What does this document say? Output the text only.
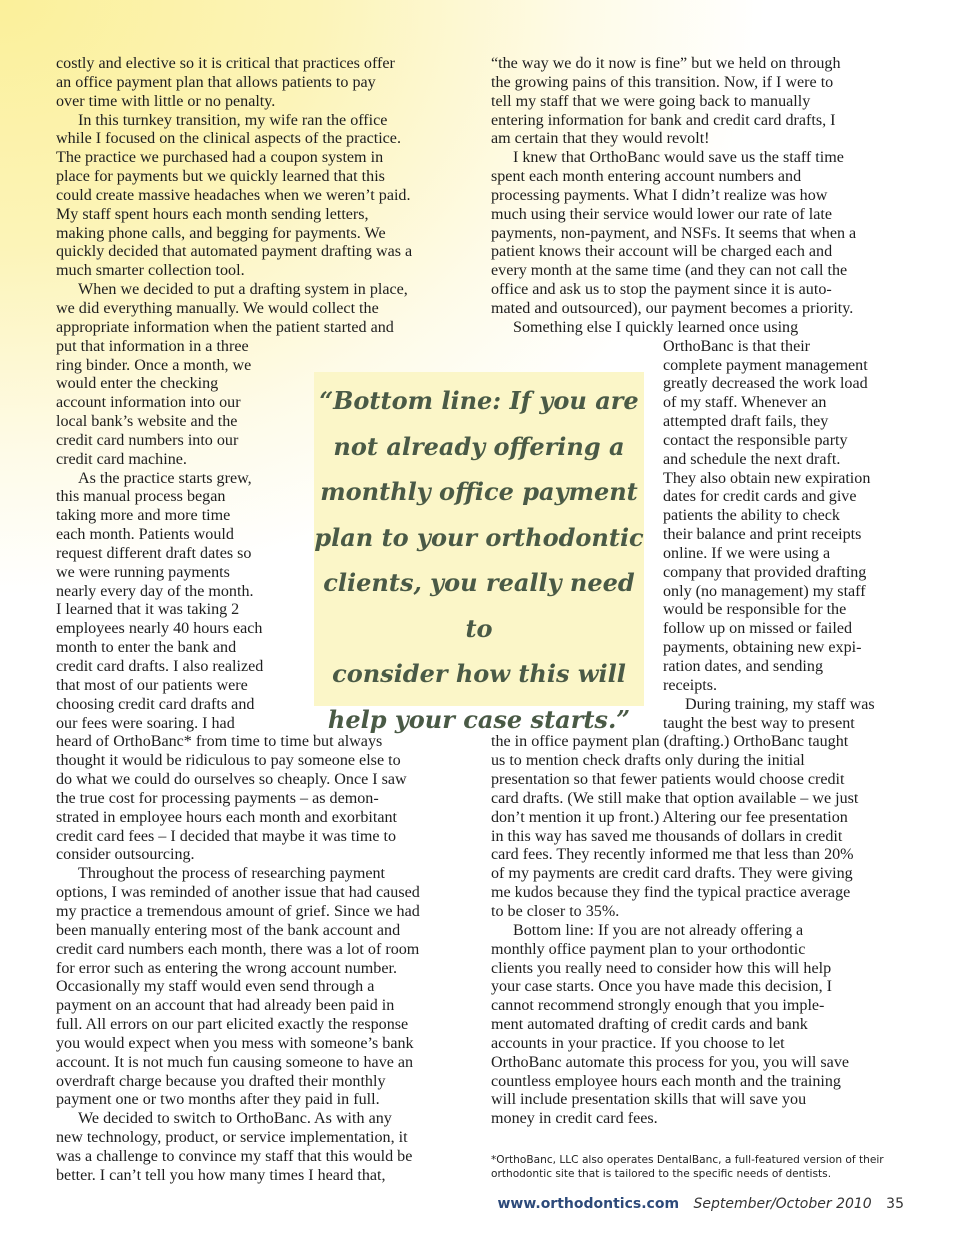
costly and elective so it is critical that practices offer
an office payment plan that allows patients to pay
over time with little or no penalty.

In this turnkey transition, my wife ran the office
while I focused on the clinical aspects of the practice.
The practice we purchased had a coupon system in
place for payments but we quickly learned that this
could create massive headaches when we weren’t paid.
My staff spent hours each month sending letters,
making phone calls, and begging for payments. We
quickly decided that automated payment drafting was a
much smarter collection tool.

When we decided to put a drafting system in place,
we did everything manually. We would collect the
appropriate information when the patient started and
put that information in a three
ring binder. Once a month, we
would enter the checking
account information into our
local bank’s website and the
credit card numbers into our
credit card machine.

As the practice starts grew,
this manual process began
taking more and more time
each month. Patients would
request different draft dates so
we were running payments
nearly every day of the month.
I learned that it was taking 2
employees nearly 40 hours each
month to enter the bank and
credit card drafts. I also realized
that most of our patients were
choosing credit card drafts and
our fees were soaring. I had
heard of OrthoBanc* from time to time but
thought it would be ridiculous to pay someone else to
do what we could do ourselves so cheaply. Once I saw
the true cost for processing payments – as demon-
strated in employee hours each month and exorbitant
credit card fees – I decided that maybe it was time to
consider outsourcing.

Throughout the process of researching payment
options, I was reminded of another issue that had caused
my practice a tremendous amount of grief. Since we had
been manually entering most of the bank account and
credit card numbers each month, there was a lot of room
for error such as entering the wrong account number.
Occasionally my staff would even send through a
payment on an account that had already been paid in
full. All errors on our part elicited exactly the response
you would expect when you mess with someone’s bank
account. It is not much fun causing someone to have an
overdraft charge because you drafted their monthly
payment one or two months after they paid in full.

We decided to switch to OrthoBanc. As with any
new technology, product, or service implementation, it
was a challenge to convince my staff that this would be
better. I can’t tell you how many times I heard that,

“the way we do it now is fine” but we held on through
the growing pains of this transition. Now, if I were to
tell my staff that we were going back to manually
entering information for bank and credit card drafts, I
am certain that they would revolt!

I knew that OrthoBanc would save us the staff time
spent each month entering account numbers and
processing payments. What I didn’t realize was how
much using their service would lower our rate of late
payments, non-payment, and NSFs. It seems that when a
patient knows their account will be charged each and
every month at the same time (and they can not call the
office and ask us to stop the payment since it is auto-
mated and outsourced), our payment becomes a priority.

Something else I quickly learned once using

OrthoBanc is that their
complete payment management
greatly decreased the work load
of my staff. Whenever an
attempted draft fails, they
contact the responsible party
and schedule the next draft.
They also obtain new expiration
dates for credit cards and give
patients the ability to check
their balance and print receipts
online. If we were using a
company that provided drafting
only (no management) my staff
would be responsible for the
follow up on missed or failed
payments, obtaining new expi-
ration dates, and sending
receipts.

During training, my staff was
taught the best way to present

plan (drafting.) OrthoBanc taught
us to mention check drafts only during the initial
presentation so that fewer patients would choose credit
card drafts. (We still make that option available – we just
don’t mention it up front.) Altering our fee presentation
in this way has saved me thousands of dollars in credit
card fees. They recently informed me that less than 20%
of my payments are credit card drafts. They were giving
me kudos because they find the typical practice average
to be closer to 35%.

Bottom line: If you are not already offering a
monthly office payment plan to your orthodontic
clients you really need to consider how this will help
your case starts. Once you have made this decision, I
cannot recommend strongly enough that you imple-
ment automated drafting of credit cards and bank
accounts in your practice. If you choose to let
OrthoBanc automate this process for you, you will save
countless employee hours each month and the training
will include presentation skills that will save you
money in credit card fees.

“Bottom line: If you are
not already offering a
monthly office payment
plan to your orthodontic
clients, you really need to
consider how this will
help your case starts.”
*OrthoBanc, LLC also operates DentalBanc, a full-featured version of their
orthodontic site that is tailored to the specific needs of dentists.
www.orthodontics.com September/October 2010 35
